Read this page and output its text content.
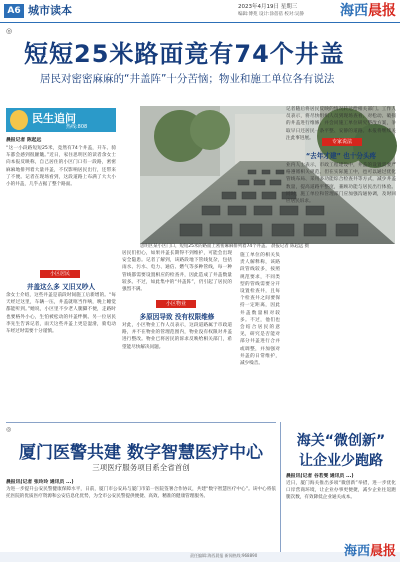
A6 城市读本	2023年4月19日 星期三
编辑:傅苑 设计:涂蓓蓓 校对:吴静	海西晨报
◎
短短25米路面竟有74个井盖
居民对密密麻麻的“井盖阵”十分苦恼；物业和施工单位各有说法
民生追问
热线:808
晨报记者 陈起远
“这一小段路短短25米，竟然有74个井盖，开车、骑车都会感到很颠簸。”近日，家住思明区的读者余女士向本报反映称，自己居住的小区门口有一段路，密密麻麻地排列着大量井盖，不仅影响居民出行，还带来了不便。记者在现场看到，这段道路上布满了大大小小的井盖，几乎占据了整个路面。
小区居民
井盖这么多 又旧又吵人
余女士介绍，这些井盖是前段时间施工后新增的。“每天经过这里，车辆一压，井盖就哐当作响，晚上睡觉都能听到。”她说，小区里不少老人腿脚不便，走路时也要格外小心，生怕被松动的井盖绊倒。另一位居民李先生告诉记者，雨天这些井盖上更是湿滑，骑电动车经过时需要十分谨慎。
居民们担心，如果井盖长期得不到维护，可能会出现安全隐患。记者了解到，该路段地下管线复杂，包括雨水、污水、电力、通信、燃气等多种管线，每一种管线都需要设置相应的检查井，因此造成了井盖数量较多。不过，如此集中的“井盖阵”，仍引起了居民的强烈不满。
小区物业
多原因导致 没有权限维修
对此，小区物业工作人员表示，这段道路属于市政道路，并不在物业的管理范围内，物业没有权限对井盖进行整改。物业已将居民的诉求反映给相关部门，希望能尽快解决问题。
思明区某小区门口，短短25米的路面上密密麻麻排列着74个井盖。 晨报记者 陈起远 摄
施工单位的相关负责人解释称，该路段管线较多，按照规范要求，不同类型的管线需要分开设置检查井，且每个检查井之间要保持一定距离，因此井盖数量相对较多。不过，他们也会结合居民的意见，研究是否能对部分井盖进行合并或调整，并加强对井盖的日常维护，减少噪音。
记者随后将居民反映的情况转达给相关部门。工作人员表示，将尽快组织人员到现场查看，对松动、破损的井盖进行维修，并会同施工单位研究整改方案，争取早日还居民一条平整、安静的道路。本报将继续关注此事进展。
专家说法
“去年才建” 也十分头疼
业内人士表示，市政工程建设中，井盖的设置需要严格遵循相关规范。但在实际施工中，也可以通过优化管线布局、采用多功能综合检查井等方式，减少井盖数量，提高道路平整度，兼顾功能与居民出行体验。同时，施工单位和管理部门应加强沟通协调，及时回应居民诉求。
◎
厦门医警共建 数字智慧医疗中心
三项医疗服务项目系全省首创
晨报讯(记者 张玲玲 通讯员 ...)
为进一步提升公安民警健康保障水平，日前，厦门市公安局与厦门市第一医院签署合作协议，共建“数字智慧医疗中心”。该中心将依托医院的优质医疗资源和公安信息化优势，为全市公安民警提供便捷、高效、精准的健康管理服务。
海关“微创新”
让企业少跑路
晨报讯(记者 谷若雯 通讯员 ...)
近日，厦门海关推出多项“微创新”举措，进一步优化口岸营商环境，让企业办事更便捷，减少企业往返跑腿次数，有效降低企业通关成本。
责任编辑:海西晨报 新闻热线:968890	海西晨报
